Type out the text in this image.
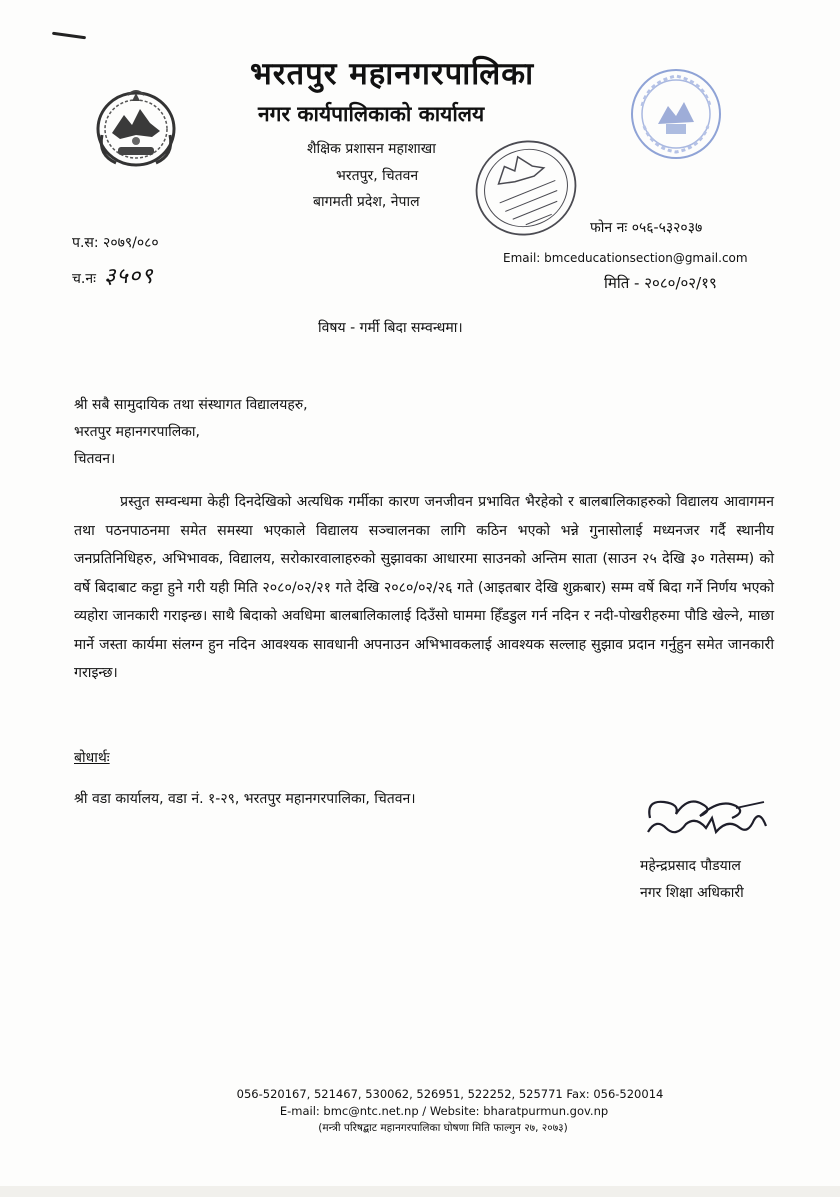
भरतपुर महानगरपालिका
नगर कार्यपालिकाको कार्यालय
शैक्षिक प्रशासन महाशाखा
भरतपुर, चितवन
बागमती प्रदेश, नेपाल
फोन नः ०५६-५३२०३७
Email: bmceducationsection@gmail.com
मिति - २०८०/०२/१९
प.स: २०७९/०८०
च.नः ३५०९
विषय - गर्मी बिदा सम्वन्धमा।
श्री सबै सामुदायिक तथा संस्थागत विद्यालयहरु,
भरतपुर महानगरपालिका,
चितवन।

प्रस्तुत सम्वन्धमा केही दिनदेखिको अत्यधिक गर्मीका कारण जनजीवन प्रभावित भैरहेको र बालबालिकाहरुको विद्यालय आवागमन तथा पठनपाठनमा समेत समस्या भएकाले विद्यालय सञ्चालनका लागि कठिन भएको भन्ने गुनासोलाई मध्यनजर गर्दै स्थानीय जनप्रतिनिधिहरु, अभिभावक, विद्यालय, सरोकारवालाहरुको सुझावका आधारमा साउनको अन्तिम साता (साउन २५ देखि ३० गतेसम्म) को वर्षे बिदाबाट कट्टा हुने गरी यही मिति २०८०/०२/२१ गते देखि २०८०/०२/२६ गते (आइतबार देखि शुक्रबार) सम्म वर्षे बिदा गर्ने निर्णय भएको व्यहोरा जानकारी गराइन्छ। साथै बिदाको अवधिमा बालबालिकालाई दिउँसो घाममा हिँडडुल गर्न नदिन र नदी-पोखरीहरुमा पौडि खेल्ने, माछा मार्ने जस्ता कार्यमा संलग्न हुन नदिन आवश्यक सावधानी अपनाउन अभिभावकलाई आवश्यक सल्लाह सुझाव प्रदान गर्नुहुन समेत जानकारी गराइन्छ।

बोधार्थः
श्री वडा कार्यालय, वडा नं. १-२९, भरतपुर महानगरपालिका, चितवन।
महेन्द्रप्रसाद पौडयाल
नगर शिक्षा अधिकारी
056-520167, 521467, 530062, 526951, 522252, 525771 Fax: 056-520014
E-mail: bmc@ntc.net.np / Website: bharatpurmun.gov.np
(मन्त्री परिषद्बाट महानगरपालिका घोषणा मिति फाल्गुन २७, २०७३)
